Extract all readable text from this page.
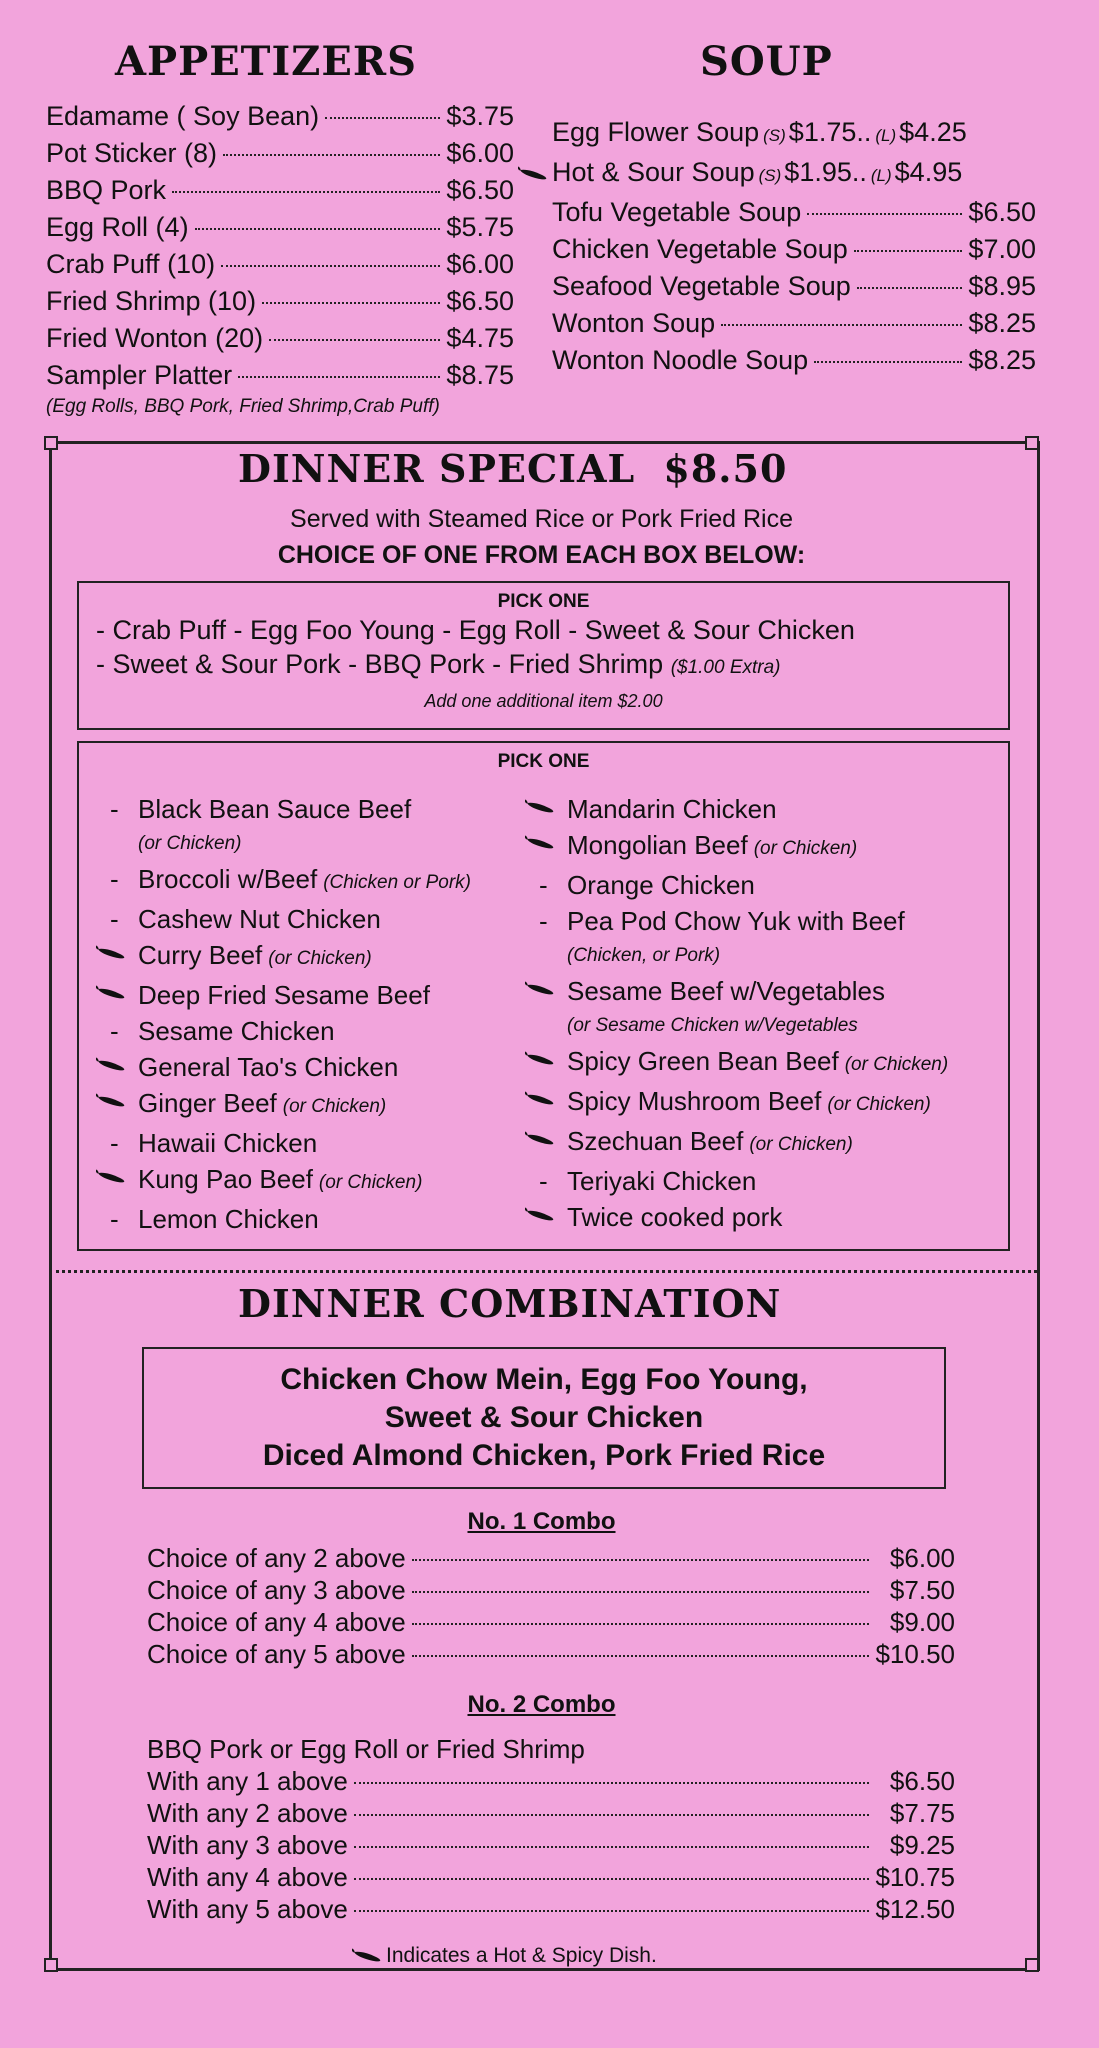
APPETIZERS
Edamame ( Soy Bean)	$3.75
Pot Sticker (8)	$6.00
BBQ Pork	$6.50
Egg Roll (4)	$5.75
Crab Puff (10)	$6.00
Fried Shrimp (10)	$6.50
Fried Wonton (20)	$4.75
Sampler Platter	$8.75
(Egg Rolls, BBQ Pork, Fried Shrimp,Crab Puff)
SOUP
Egg Flower Soup (S) $1.75.. (L) $4.25
Hot & Sour Soup (S) $1.95.. (L) $4.95
Tofu Vegetable Soup	$6.50
Chicken Vegetable Soup	$7.00
Seafood Vegetable Soup	$8.95
Wonton Soup	$8.25
Wonton Noodle Soup	$8.25
DINNER SPECIAL $8.50
Served with Steamed Rice or Pork Fried Rice
CHOICE OF ONE FROM EACH BOX BELOW:
PICK ONE
- Crab Puff - Egg Foo Young - Egg Roll - Sweet & Sour Chicken
- Sweet & Sour Pork - BBQ Pork - Fried Shrimp ($1.00 Extra)
Add one additional item $2.00
PICK ONE
- Black Bean Sauce Beef
(or Chicken)
- Broccoli w/Beef (Chicken or Pork)
- Cashew Nut Chicken
Curry Beef (or Chicken)
Deep Fried Sesame Beef
- Sesame Chicken
General Tao's Chicken
Ginger Beef (or Chicken)
- Hawaii Chicken
Kung Pao Beef (or Chicken)
- Lemon Chicken
Mandarin Chicken
Mongolian Beef (or Chicken)
- Orange Chicken
- Pea Pod Chow Yuk with Beef
(Chicken, or Pork)
Sesame Beef w/Vegetables
(or Sesame Chicken w/Vegetables
Spicy Green Bean Beef (or Chicken)
Spicy Mushroom Beef (or Chicken)
Szechuan Beef (or Chicken)
- Teriyaki Chicken
Twice cooked pork
DINNER COMBINATION
Chicken Chow Mein, Egg Foo Young,
Sweet & Sour Chicken
Diced Almond Chicken, Pork Fried Rice
No. 1 Combo
Choice of any 2 above	$6.00
Choice of any 3 above	$7.50
Choice of any 4 above	$9.00
Choice of any 5 above	$10.50
No. 2 Combo
BBQ Pork or Egg Roll or Fried Shrimp
With any 1 above	$6.50
With any 2 above	$7.75
With any 3 above	$9.25
With any 4 above	$10.75
With any 5 above	$12.50
Indicates a Hot & Spicy Dish.
